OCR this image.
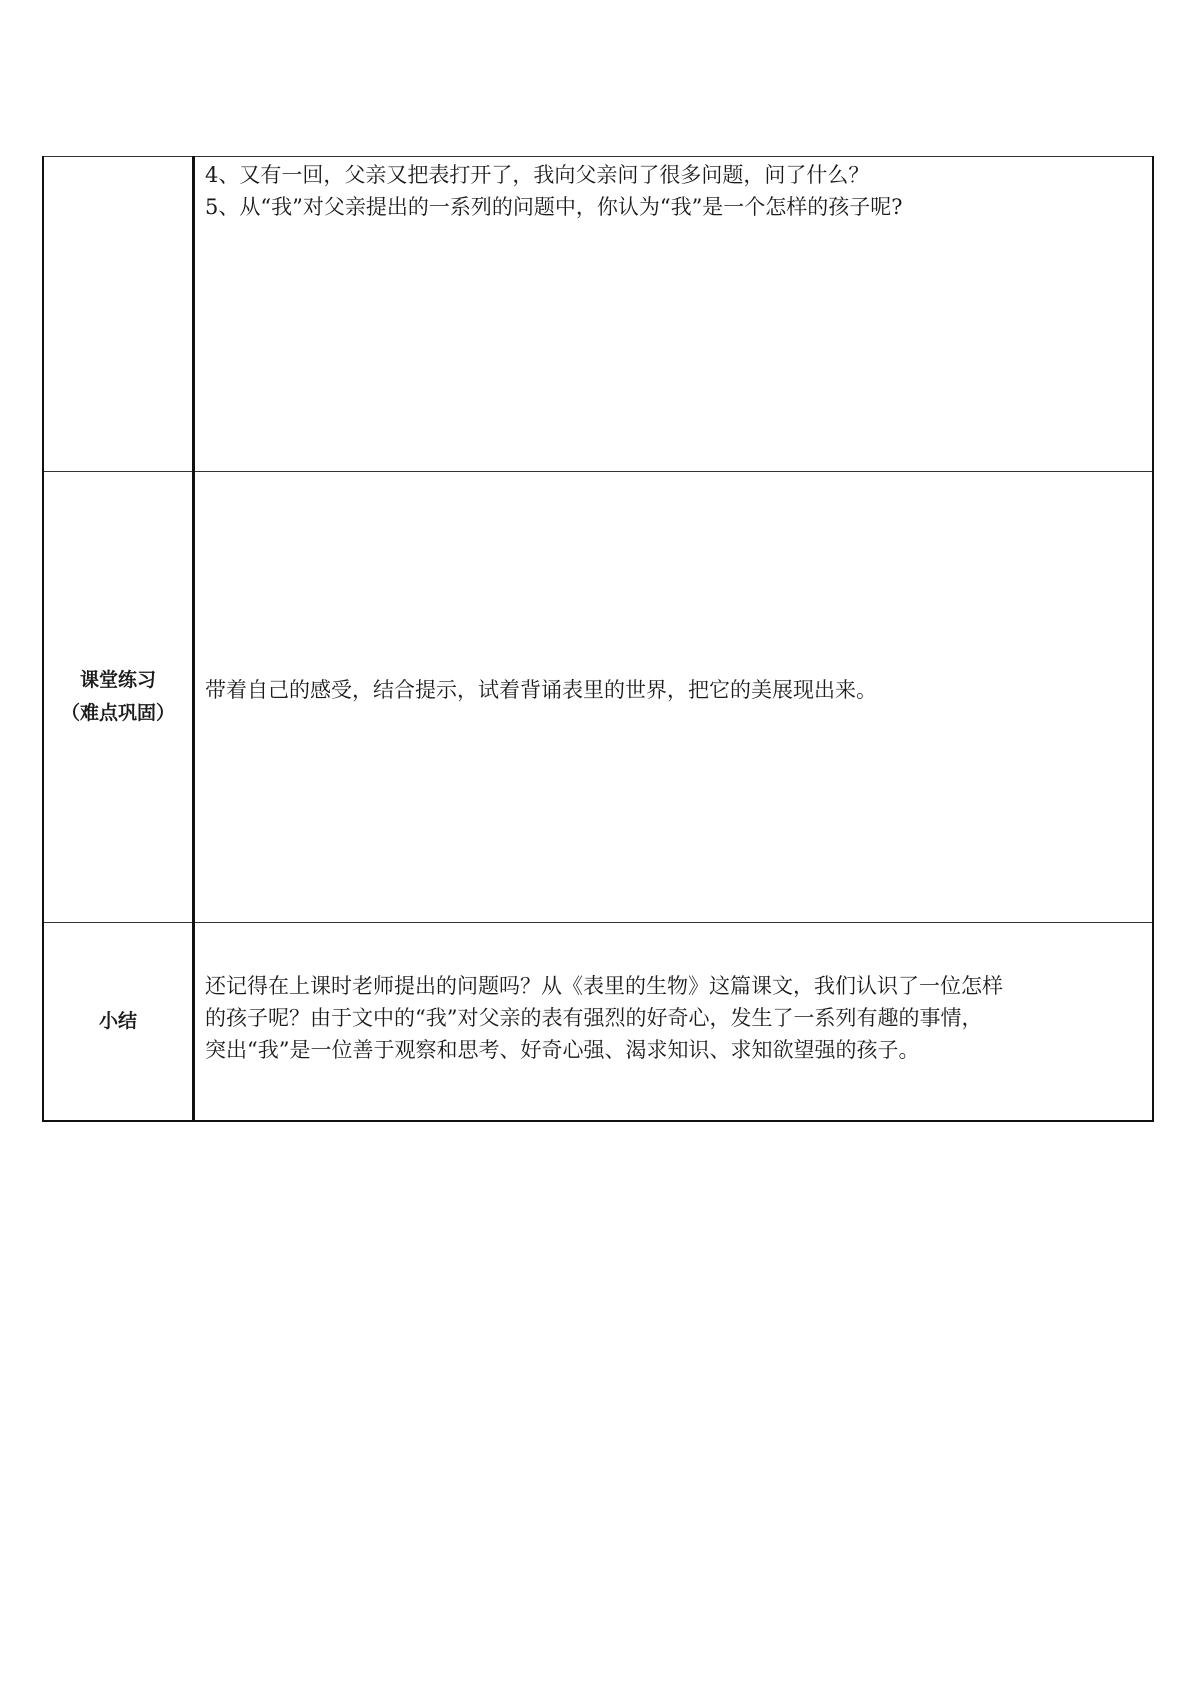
	4、又有一回，父亲又把表打开了，我向父亲问了很多问题，问了什么？
5、从“我”对父亲提出的一系列的问题中，你认为“我”是一个怎样的孩子呢?

课堂练习
（难点巩固）	带着自己的感受，结合提示，试着背诵表里的世界，把它的美展现出来。

小结	还记得在上课时老师提出的问题吗？从《表里的生物》这篇课文，我们认识了一位怎样
的孩子呢？由于文中的“我”对父亲的表有强烈的好奇心，发生了一系列有趣的事情，
突出“我”是一位善于观察和思考、好奇心强、渴求知识、求知欲望强的孩子。
